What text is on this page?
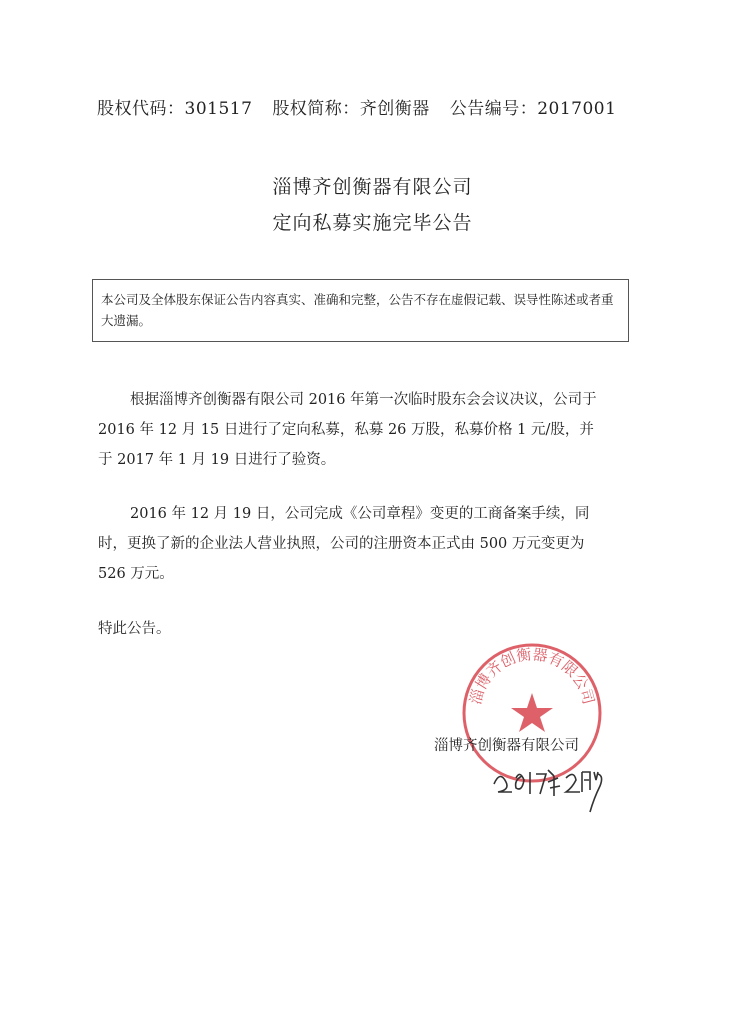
股权代码：301517 股权简称：齐创衡器 公告编号：2017001
淄博齐创衡器有限公司
定向私募实施完毕公告
本公司及全体股东保证公告内容真实、准确和完整，公告不存在虚假记载、误导性陈述或者重大遗漏。

根据淄博齐创衡器有限公司 2016 年第一次临时股东会会议决议，公司于 2016 年 12 月 15 日进行了定向私募，私募 26 万股，私募价格 1 元/股，并于 2017 年 1 月 19 日进行了验资。

2016 年 12 月 19 日，公司完成《公司章程》变更的工商备案手续，同时，更换了新的企业法人营业执照，公司的注册资本正式由 500 万元变更为 526 万元。

特此公告。

淄博齐创衡器有限公司
淄博齐创衡器有限公司
